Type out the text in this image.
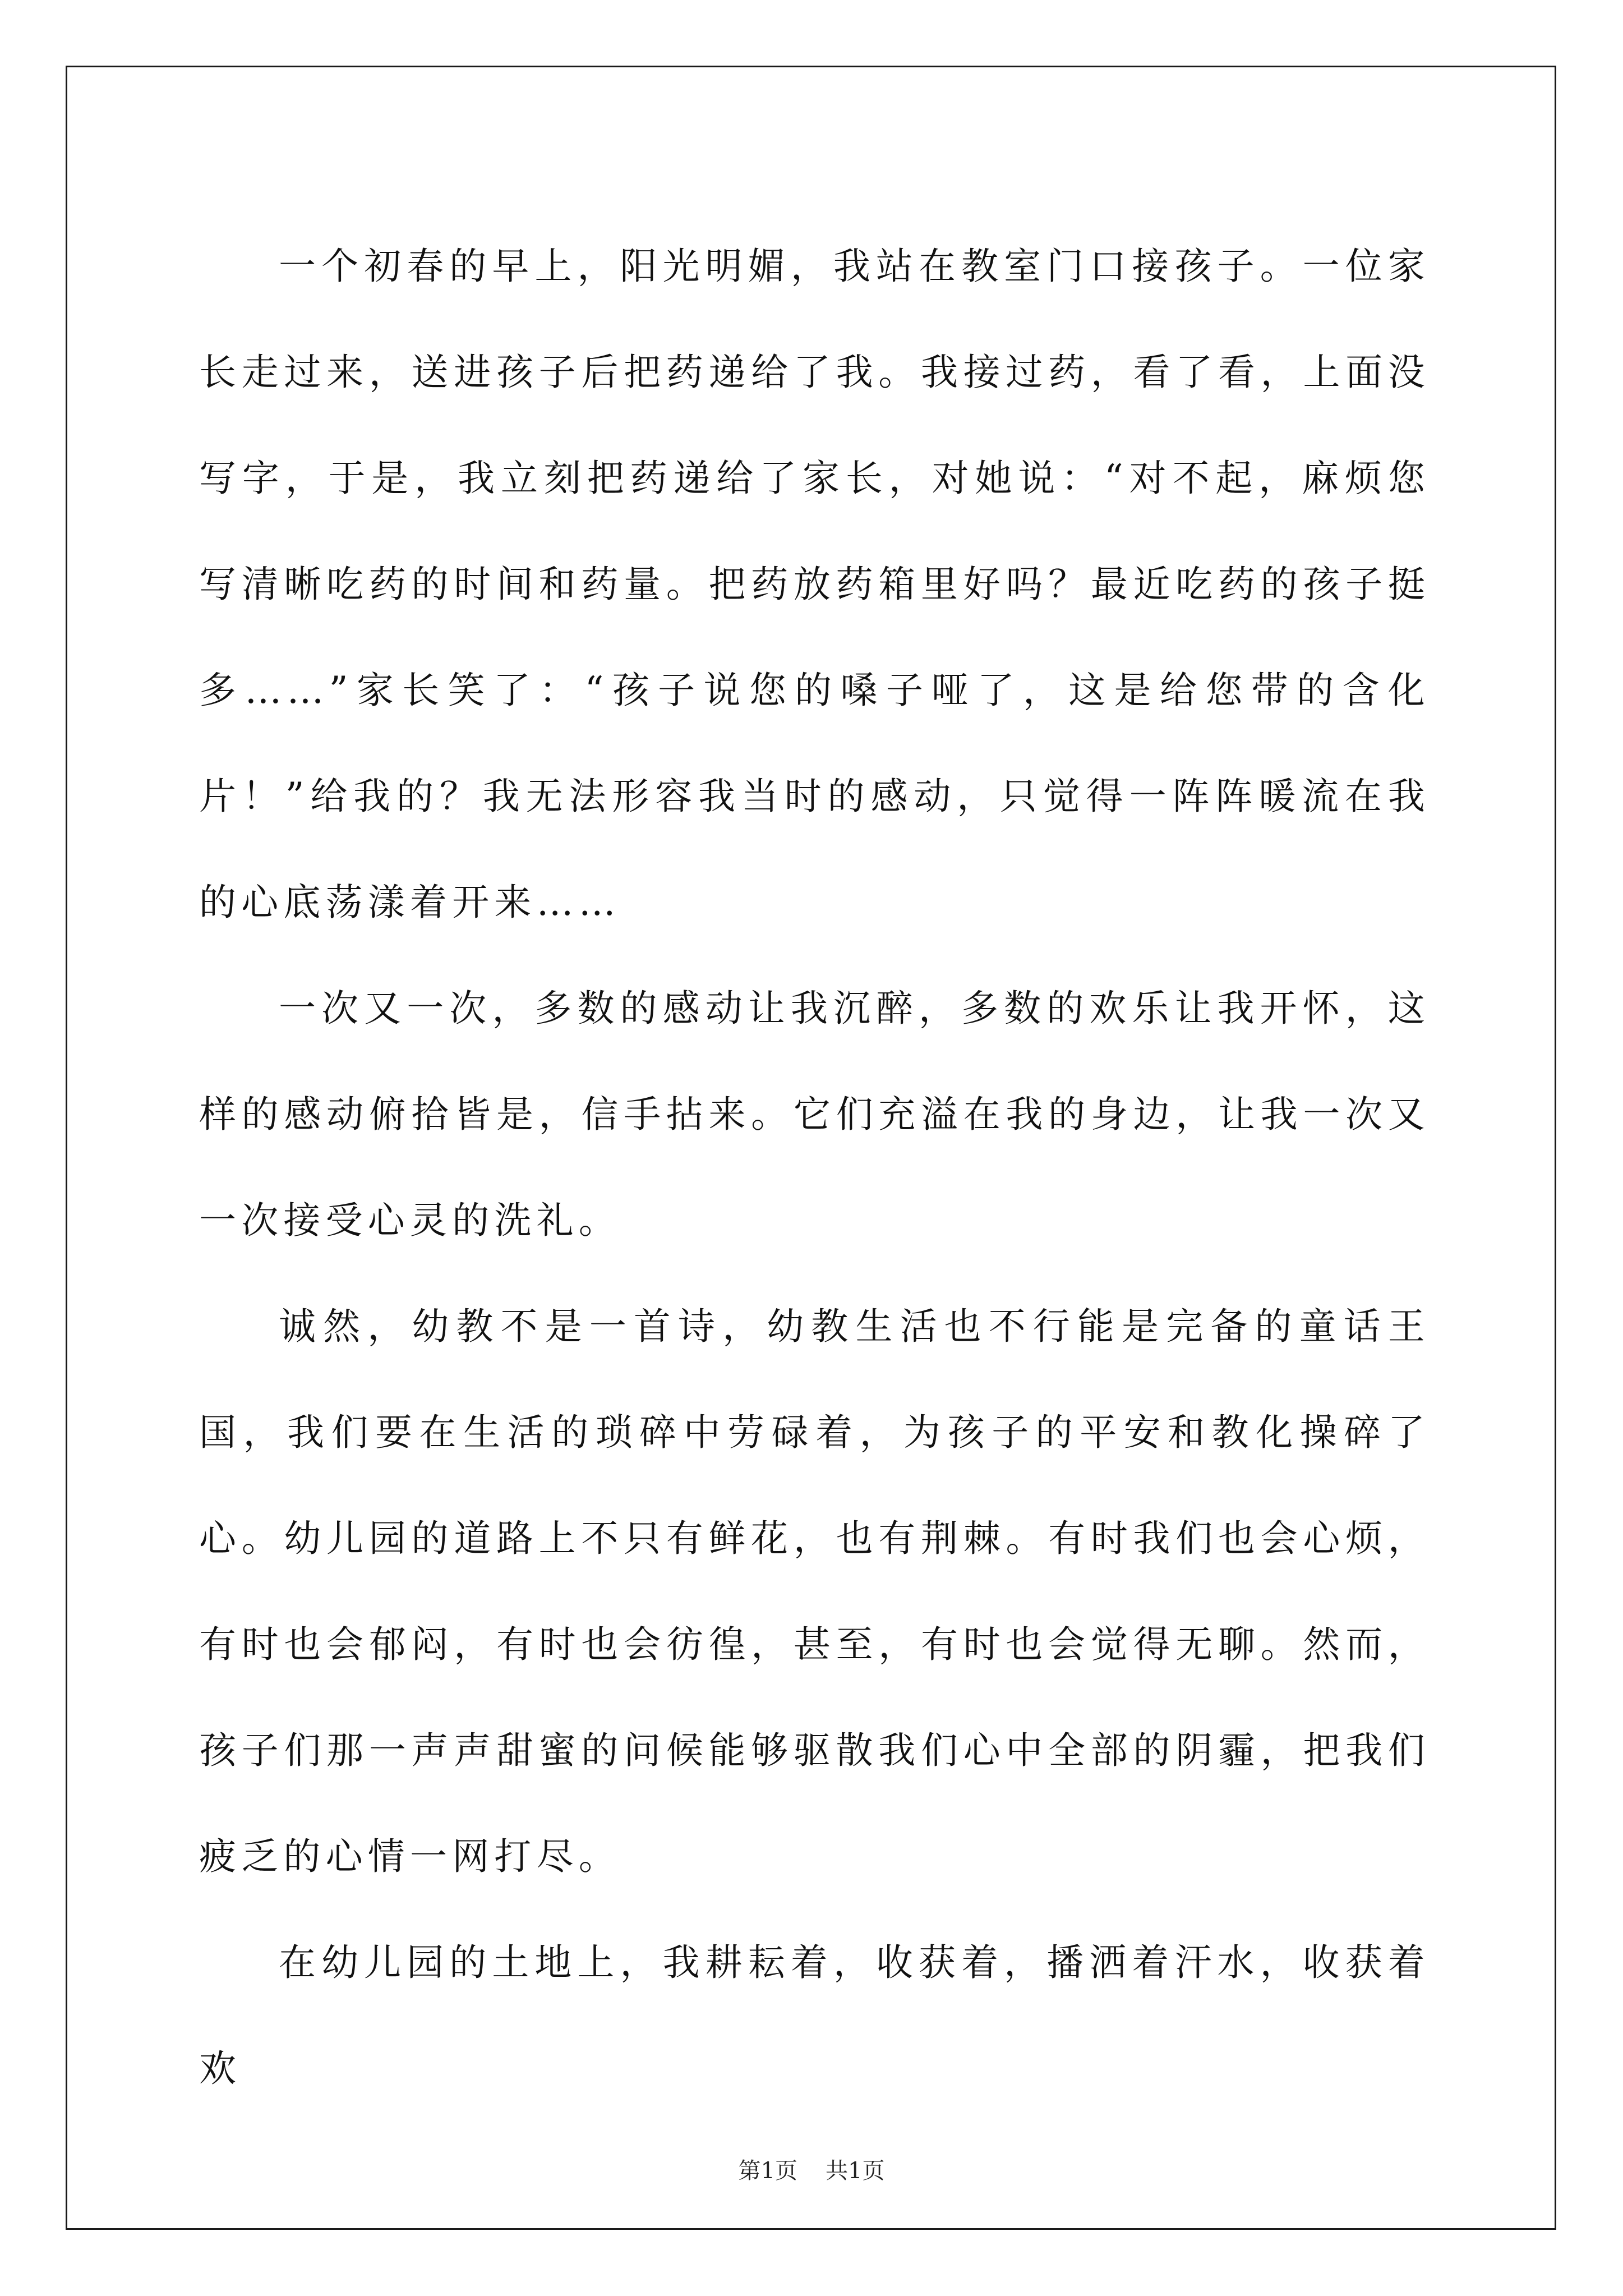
一个初春的早上，阳光明媚，我站在教室门口接孩子。一位家长走过来，送进孩子后把药递给了我。我接过药，看了看，上面没写字，于是，我立刻把药递给了家长，对她说：“对不起，麻烦您写清晰吃药的时间和药量。把药放药箱里好吗？最近吃药的孩子挺多……”家长笑了：“孩子说您的嗓子哑了，这是给您带的含化片！”给我的？我无法形容我当时的感动，只觉得一阵阵暖流在我的心底荡漾着开来……

一次又一次，多数的感动让我沉醉，多数的欢乐让我开怀，这样的感动俯拾皆是，信手拈来。它们充溢在我的身边，让我一次又一次接受心灵的洗礼。

诚然，幼教不是一首诗，幼教生活也不行能是完备的童话王国，我们要在生活的琐碎中劳碌着，为孩子的平安和教化操碎了心。幼儿园的道路上不只有鲜花，也有荆棘。有时我们也会心烦，有时也会郁闷，有时也会彷徨，甚至，有时也会觉得无聊。然而，孩子们那一声声甜蜜的问候能够驱散我们心中全部的阴霾，把我们疲乏的心情一网打尽。

在幼儿园的土地上，我耕耘着，收获着，播洒着汗水，收获着欢

第1页 共1页
